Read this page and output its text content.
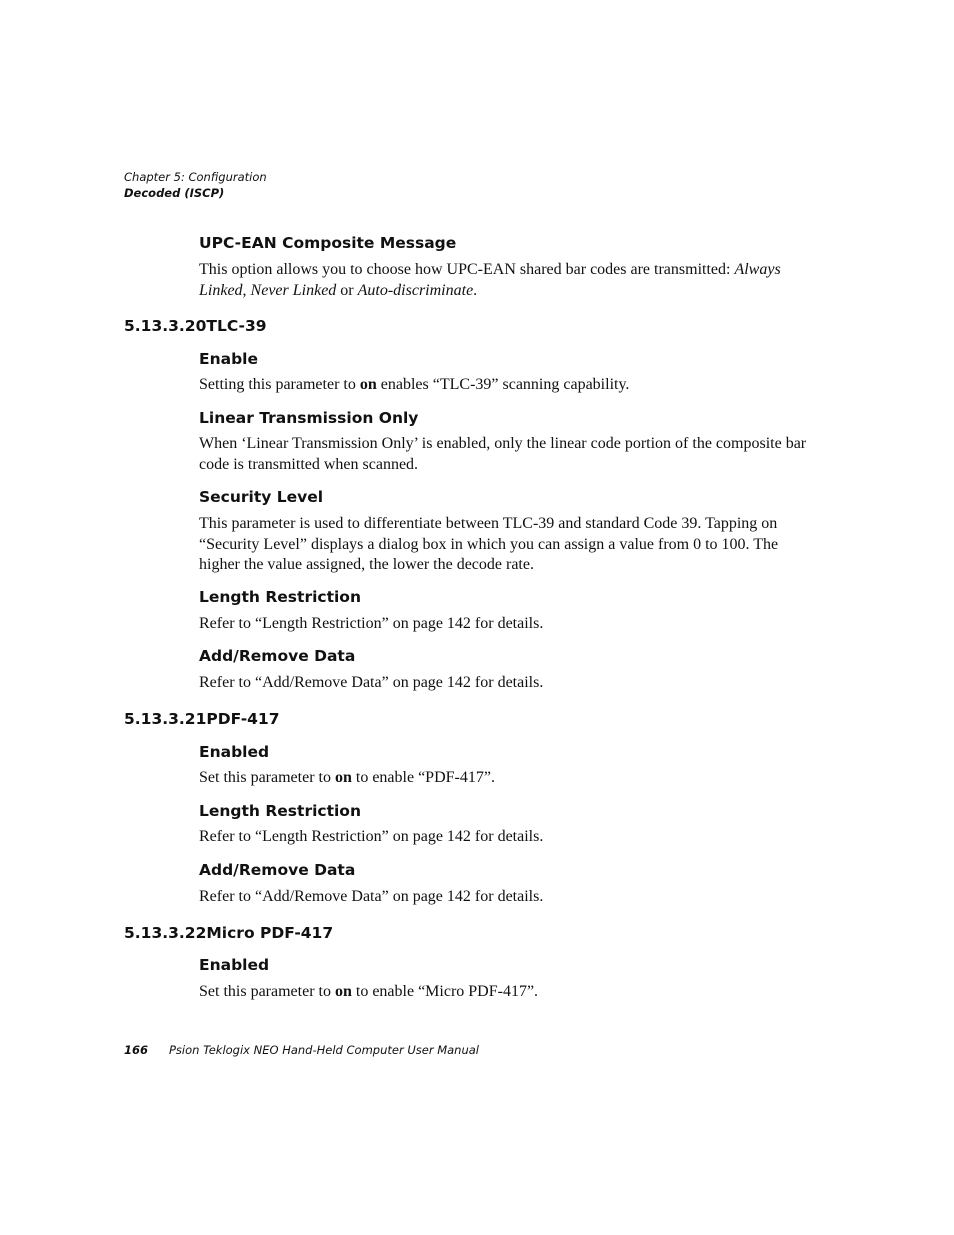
Chapter 5: Configuration
Decoded (ISCP)
UPC-EAN Composite Message
This option allows you to choose how UPC-EAN shared bar codes are transmitted: Always Linked, Never Linked or Auto-discriminate.
5.13.3.20TLC-39
Enable
Setting this parameter to on enables “TLC-39” scanning capability.
Linear Transmission Only
When ‘Linear Transmission Only’ is enabled, only the linear code portion of the composite bar code is transmitted when scanned.
Security Level
This parameter is used to differentiate between TLC-39 and standard Code 39. Tapping on “Security Level” displays a dialog box in which you can assign a value from 0 to 100. The higher the value assigned, the lower the decode rate.
Length Restriction
Refer to “Length Restriction” on page 142 for details.
Add/Remove Data
Refer to “Add/Remove Data” on page 142 for details.
5.13.3.21PDF-417
Enabled
Set this parameter to on to enable “PDF-417”.
Length Restriction
Refer to “Length Restriction” on page 142 for details.
Add/Remove Data
Refer to “Add/Remove Data” on page 142 for details.
5.13.3.22Micro PDF-417
Enabled
Set this parameter to on to enable “Micro PDF-417”.
166 Psion Teklogix NEO Hand-Held Computer User Manual
